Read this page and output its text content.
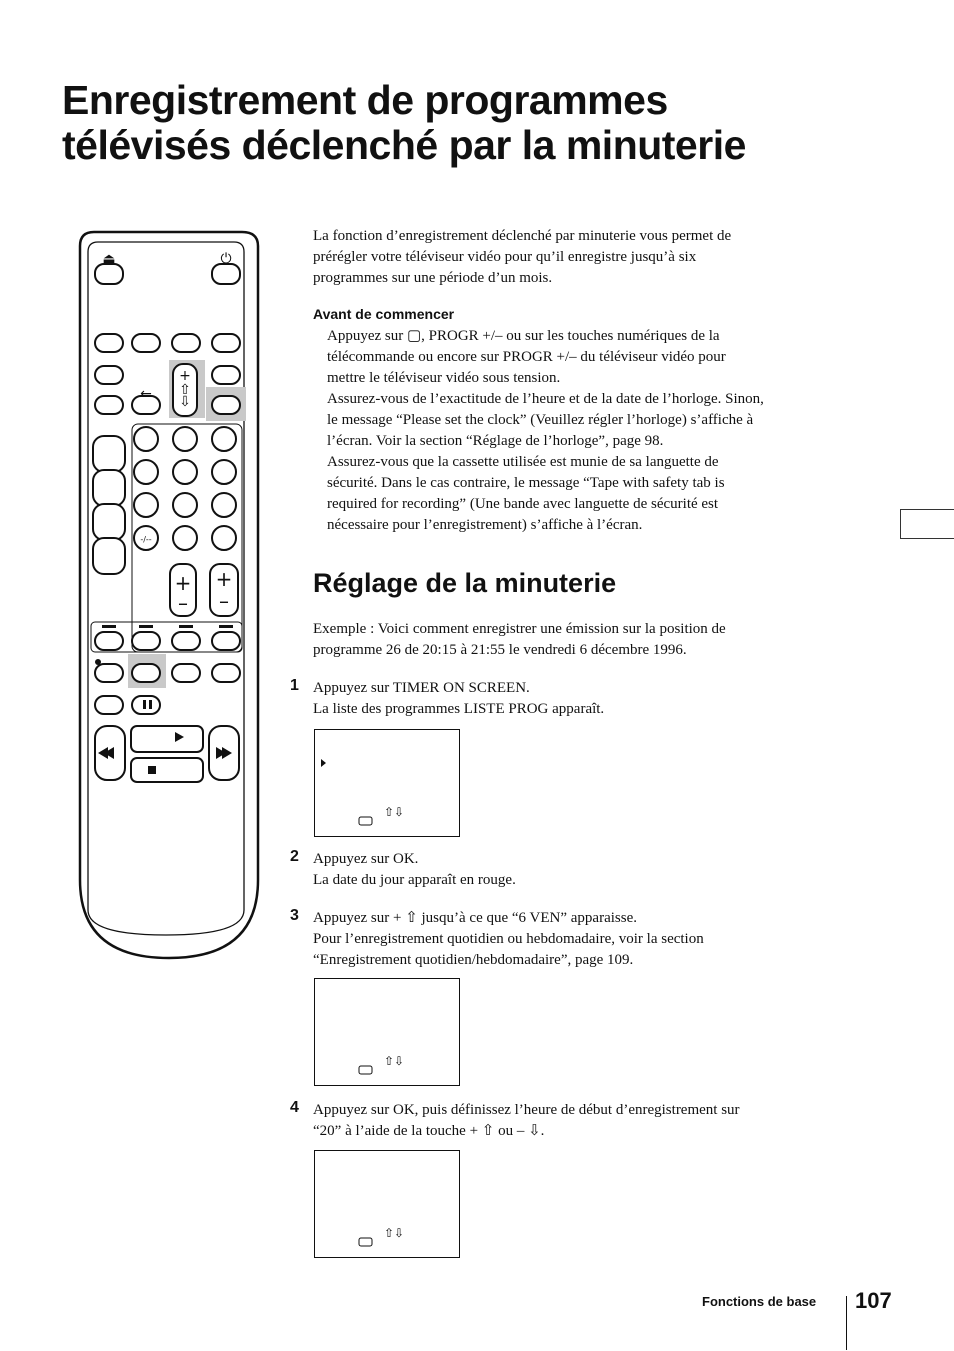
Enregistrement de programmes
télévisés déclenché par la minuterie
⏏	⏻
+
⇧
⇩
+
–
+
–
←
-/--

La fonction d’enregistrement déclenché par minuterie vous permet de

prérégler votre téléviseur vidéo pour qu’il enregistre jusqu’à six

programmes sur une période d’un mois.

Avant de commencer

Appuyez sur ▢, PROGR +/– ou sur les touches numériques de la

télécommande ou encore sur PROGR +/– du téléviseur vidéo pour

mettre le téléviseur vidéo sous tension.

Assurez-vous de l’exactitude de l’heure et de la date de l’horloge. Sinon,

le message “Please set the clock” (Veuillez régler l’horloge) s’affiche à

l’écran. Voir la section “Réglage de l’horloge”, page 98.

Assurez-vous que la cassette utilisée est munie de sa languette de

sécurité. Dans le cas contraire, le message “Tape with safety tab is

required for recording” (Une bande avec languette de sécurité est

nécessaire pour l’enregistrement) s’affiche à l’écran.

Réglage de la minuterie

Exemple : Voici comment enregistrer une émission sur la position de

programme 26 de 20:15 à 21:55 le vendredi 6 décembre 1996.

1 Appuyez sur TIMER ON SCREEN.

La liste des programmes LISTE PROG apparaît.

⇧⇩
2 Appuyez sur OK.

La date du jour apparaît en rouge.

3 Appuyez sur + ⇧ jusqu’à ce que “6 VEN” apparaisse.

Pour l’enregistrement quotidien ou hebdomadaire, voir la section

“Enregistrement quotidien/hebdomadaire”, page 109.

⇧⇩
4 Appuyez sur OK, puis définissez l’heure de début d’enregistrement sur

“20” à l’aide de la touche + ⇧ ou – ⇩.

⇧⇩
Fonctions de base 107
